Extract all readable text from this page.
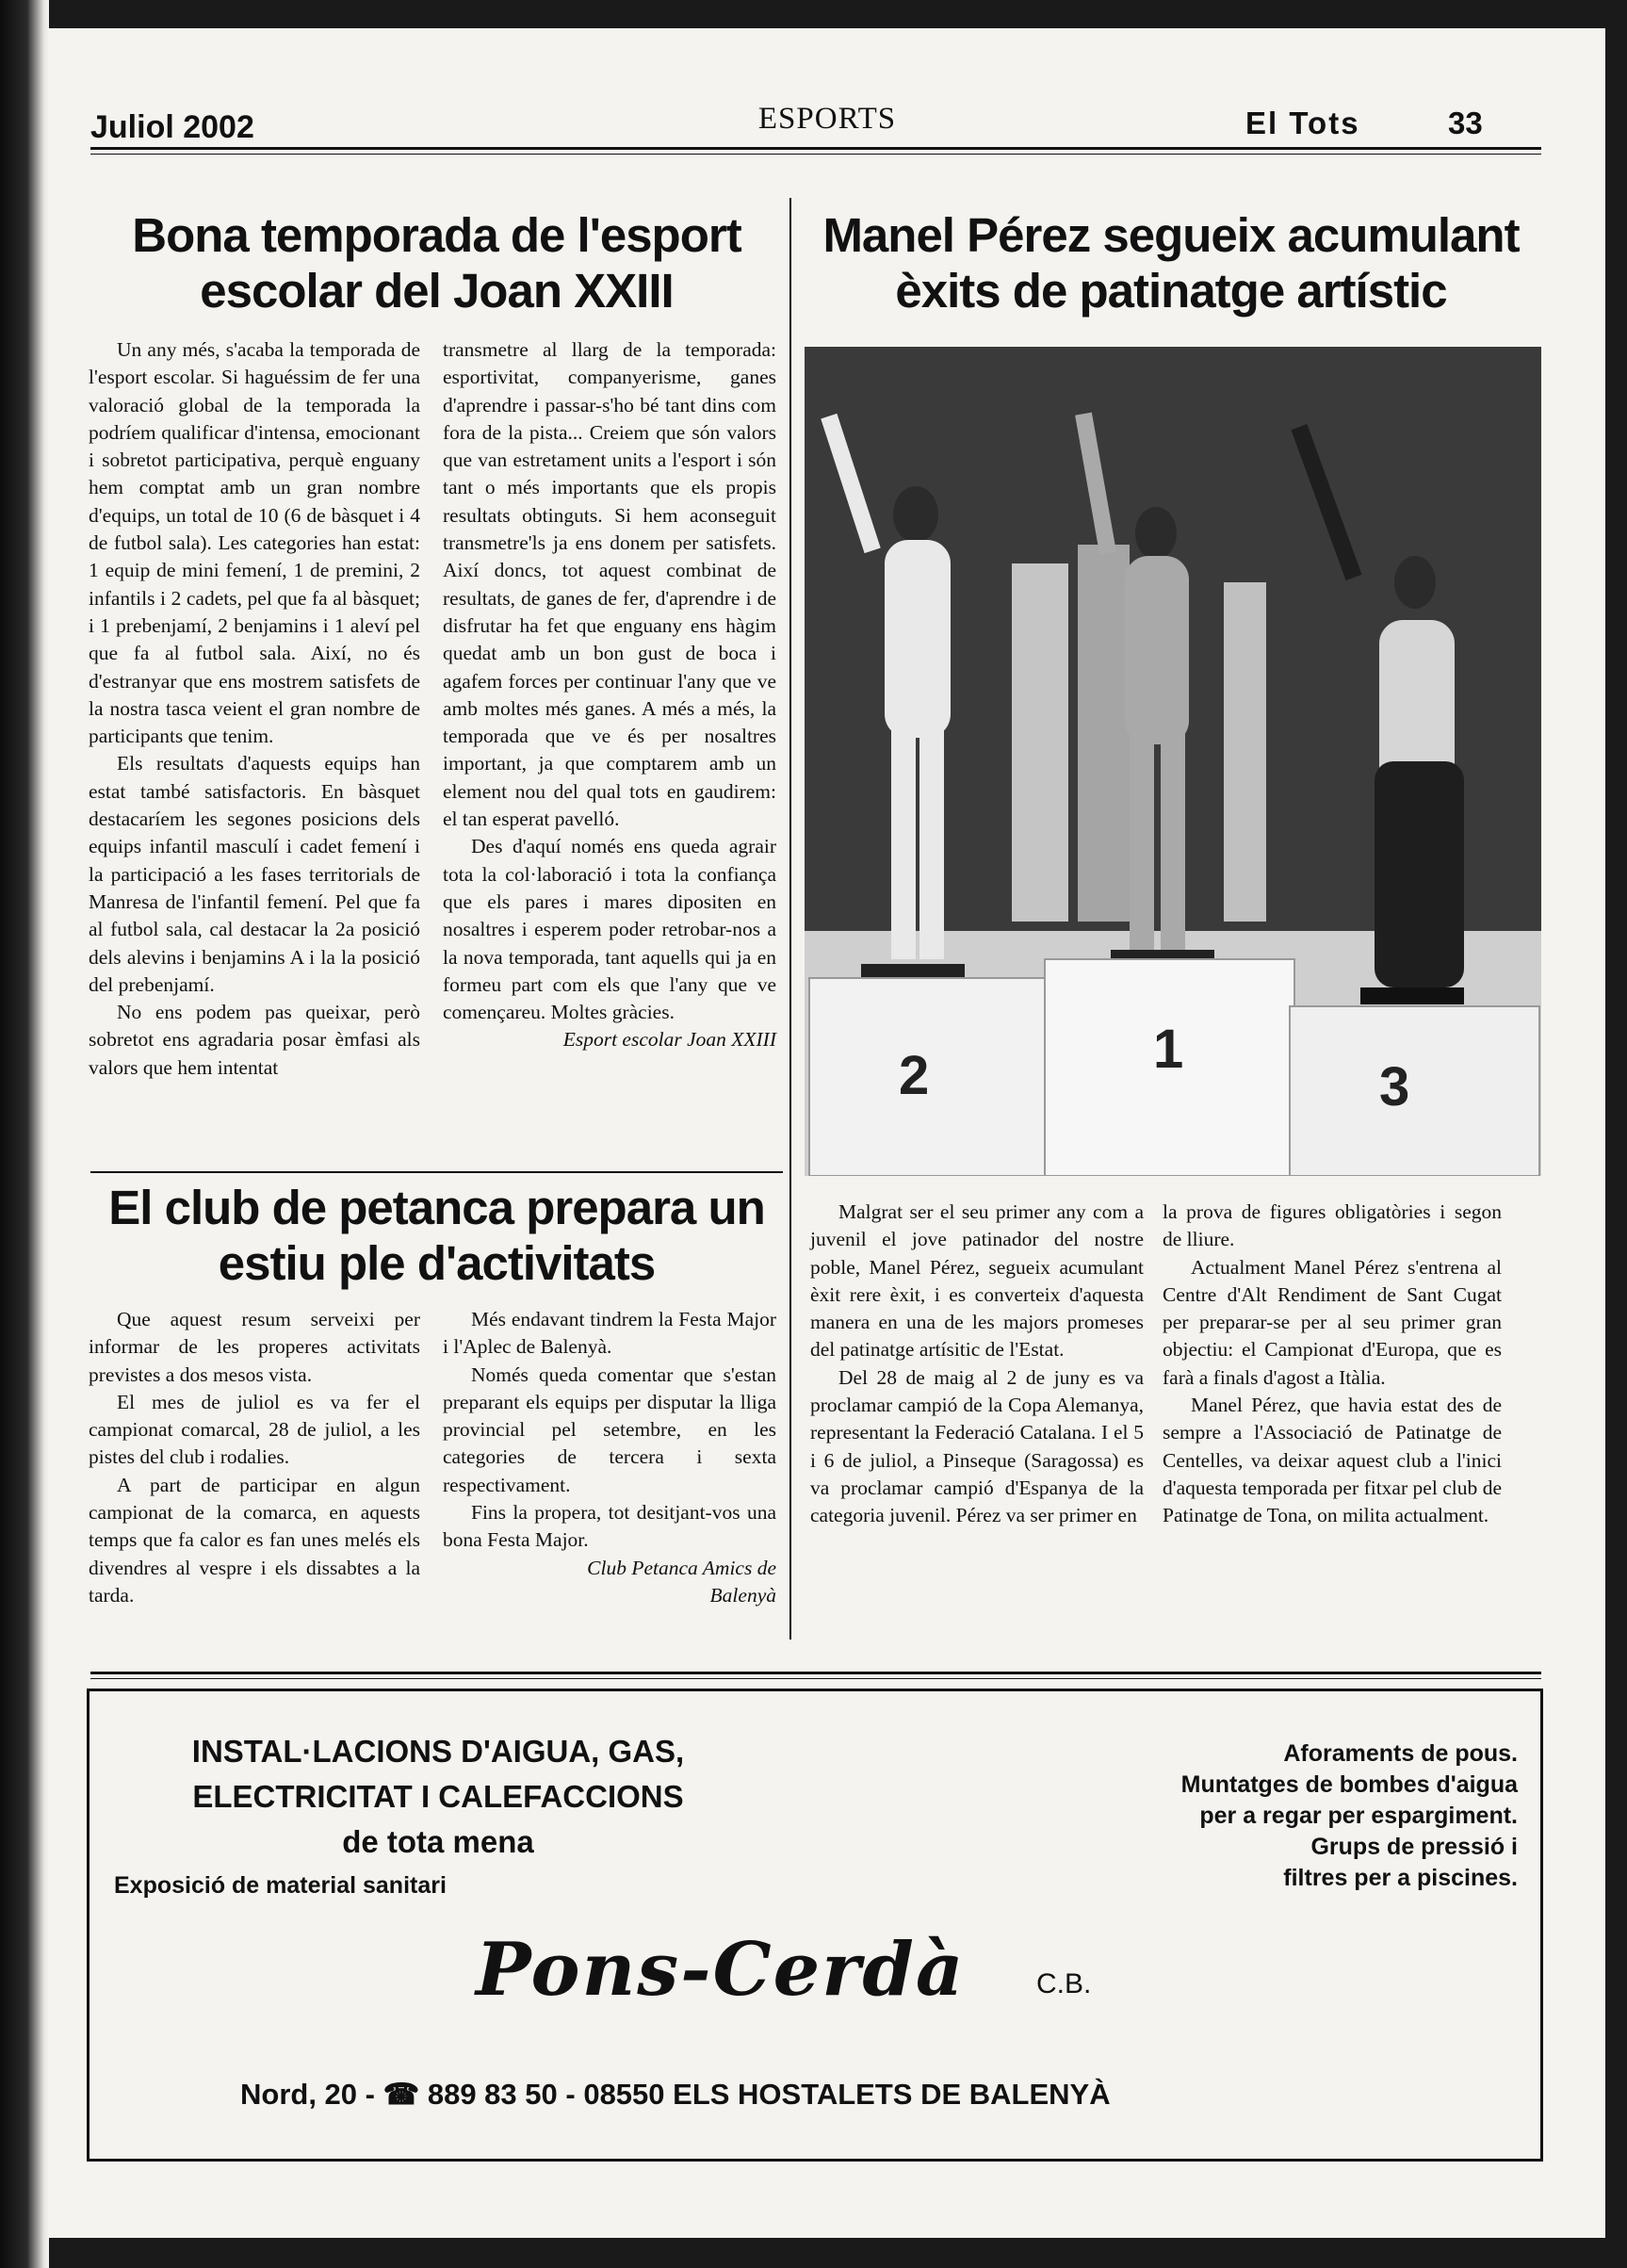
Juliol 2002	ESPORTS	El Tots	33
Bona temporada de l'esport
escolar del Joan XXIII

Un any més, s'acaba la temporada de l'esport escolar. Si haguéssim de fer una valoració global de la temporada la podríem qualificar d'intensa, emocionant i sobretot participativa, perquè enguany hem comptat amb un gran nombre d'equips, un total de 10 (6 de bàsquet i 4 de futbol sala). Les categories han estat: 1 equip de mini femení, 1 de premini, 2 infantils i 2 cadets, pel que fa al bàsquet; i 1 prebenjamí, 2 benjamins i 1 aleví pel que fa al futbol sala. Així, no és d'estranyar que ens mostrem satisfets de la nostra tasca veient el gran nombre de participants que tenim.

Els resultats d'aquests equips han estat també satisfactoris. En bàsquet destacaríem les segones posicions dels equips infantil masculí i cadet femení i la participació a les fases territorials de Manresa de l'infantil femení. Pel que fa al futbol sala, cal destacar la 2a posició dels alevins i benjamins A i la la posició del prebenjamí.

No ens podem pas queixar, però sobretot ens agradaria posar èmfasi als valors que hem intentat

transmetre al llarg de la temporada: esportivitat, companyerisme, ganes d'aprendre i passar-s'ho bé tant dins com fora de la pista... Creiem que són valors que van estretament units a l'esport i són tant o més importants que els propis resultats obtinguts. Si hem aconseguit transmetre'ls ja ens donem per satisfets. Així doncs, tot aquest combinat de resultats, de ganes de fer, d'aprendre i de disfrutar ha fet que enguany ens hàgim quedat amb un bon gust de boca i agafem forces per continuar l'any que ve amb moltes més ganes. A més a més, la temporada que ve és per nosaltres important, ja que comptarem amb un element nou del qual tots en gaudirem: el tan esperat pavelló.

Des d'aquí només ens queda agrair tota la col·laboració i tota la confiança que els pares i mares dipositen en nosaltres i esperem poder retrobar-nos a la nova temporada, tant aquells qui ja en formeu part com els que l'any que ve començareu. Moltes gràcies.

Esport escolar Joan XXIII

El club de petanca prepara un
estiu ple d'activitats

Que aquest resum serveixi per informar de les properes activitats previstes a dos mesos vista.

El mes de juliol es va fer el campionat comarcal, 28 de juliol, a les pistes del club i rodalies.

A part de participar en algun campionat de la comarca, en aquests temps que fa calor es fan unes melés els divendres al vespre i els dissabtes a la tarda.

Més endavant tindrem la Festa Major i l'Aplec de Balenyà.

Només queda comentar que s'estan preparant els equips per disputar la lliga provincial pel setembre, en les categories de tercera i sexta respectivament.

Fins la propera, tot desitjant-vos una bona Festa Major.

Club Petanca Amics de

Balenyà

Manel Pérez segueix acumulant
èxits de patinatge artístic
2	1
3

Malgrat ser el seu primer any com a juvenil el jove patinador del nostre poble, Manel Pérez, segueix acumulant èxit rere èxit, i es converteix d'aquesta manera en una de les majors promeses del patinatge artísitic de l'Estat.

Del 28 de maig al 2 de juny es va proclamar campió de la Copa Alemanya, representant la Federació Catalana. I el 5 i 6 de juliol, a Pinseque (Saragossa) es va proclamar campió d'Espanya de la categoria juvenil. Pérez va ser primer en

la prova de figures obligatòries i segon de lliure.

Actualment Manel Pérez s'entrena al Centre d'Alt Rendiment de Sant Cugat per preparar-se per al seu primer gran objectiu: el Campionat d'Europa, que es farà a finals d'agost a Itàlia.

Manel Pérez, que havia estat des de sempre a l'Associació de Patinatge de Centelles, va deixar aquest club a l'inici d'aquesta temporada per fitxar pel club de Patinatge de Tona, on milita actualment.

INSTAL·LACIONS D'AIGUA, GAS,
ELECTRICITAT I CALEFACCIONS
de tota mena
Exposició de material sanitari
Aforaments de pous.
Muntatges de bombes d'aigua
per a regar per espargiment.
Grups de pressió i
filtres per a piscines.
Pons-Cerdà	C.B.
Nord, 20 - ☎ 889 83 50 - 08550 ELS HOSTALETS DE BALENYÀ
